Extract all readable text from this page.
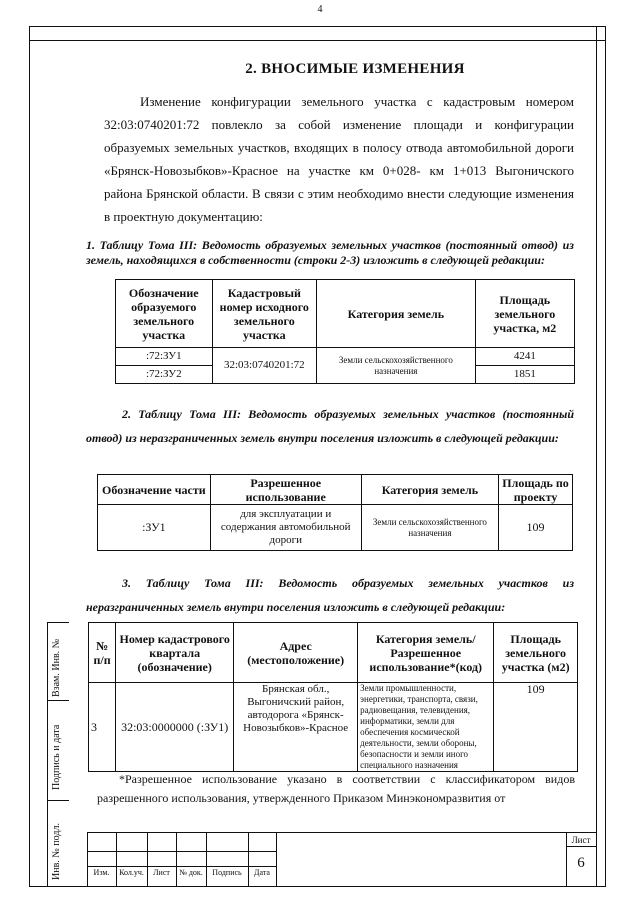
4
2. ВНОСИМЫЕ ИЗМЕНЕНИЯ
Изменение конфигурации земельного участка с кадастровым номером 32:03:0740201:72 повлекло за собой изменение площади и конфигурации образуемых земельных участков, входящих в полосу отвода автомобильной дороги «Брянск-Новозыбков»-Красное на участке км 0+028- км 1+013 Выгоничского района Брянской области. В связи с этим необходимо внести следующие изменения в проектную документацию:
1. Таблицу Тома III: Ведомость образуемых земельных участков (постоянный отвод) из земель, находящихся в собственности (строки 2-3) изложить в следующей редакции:
Обозначение образуемого земельного участка	Кадастровый номер исходного земельного участка	Категория земель	Площадь земельного участка, м2
:72:ЗУ1	32:03:0740201:72	Земли сельскохозяйственного назначения	4241
:72:ЗУ2			1851
2. Таблицу Тома III: Ведомость образуемых земельных участков (постоянный отвод) из неразграниченных земель внутри поселения изложить в следующей редакции:
Обозначение части	Разрешенное использование	Категория земель	Площадь по проекту
:ЗУ1	для эксплуатации и содержания автомобильной дороги	Земли сельскохозяйственного назначения	109
3. Таблицу Тома III: Ведомость образуемых земельных участков из неразграниченных земель внутри поселения изложить в следующей редакции:
№ п/п	Номер кадастрового квартала (обозначение)	Адрес (местоположение)	Категория земель/ Разрешенное использование*(код)	Площадь земельного участка (м2)
3	32:03:0000000 (:ЗУ1)	Брянская обл., Выгоничский район, автодорога «Брянск-Новозыбков»-Красное	Земли промышленности, энергетики, транспорта, связи, радиовещания, телевидения, информатики, земли для обеспечения космической деятельности, земли обороны, безопасности и земли иного специального назначения	109
*Разрешенное использование указано в соответствии с классификатором видов разрешенного использования, утвержденного Приказом Минэкономразвития от
Взам. Инв. №
Подпись и дата
Инв. № подл.	Изм.	Кол.уч.	Лист	№ док.	Подпись	Дата
Лист
6
